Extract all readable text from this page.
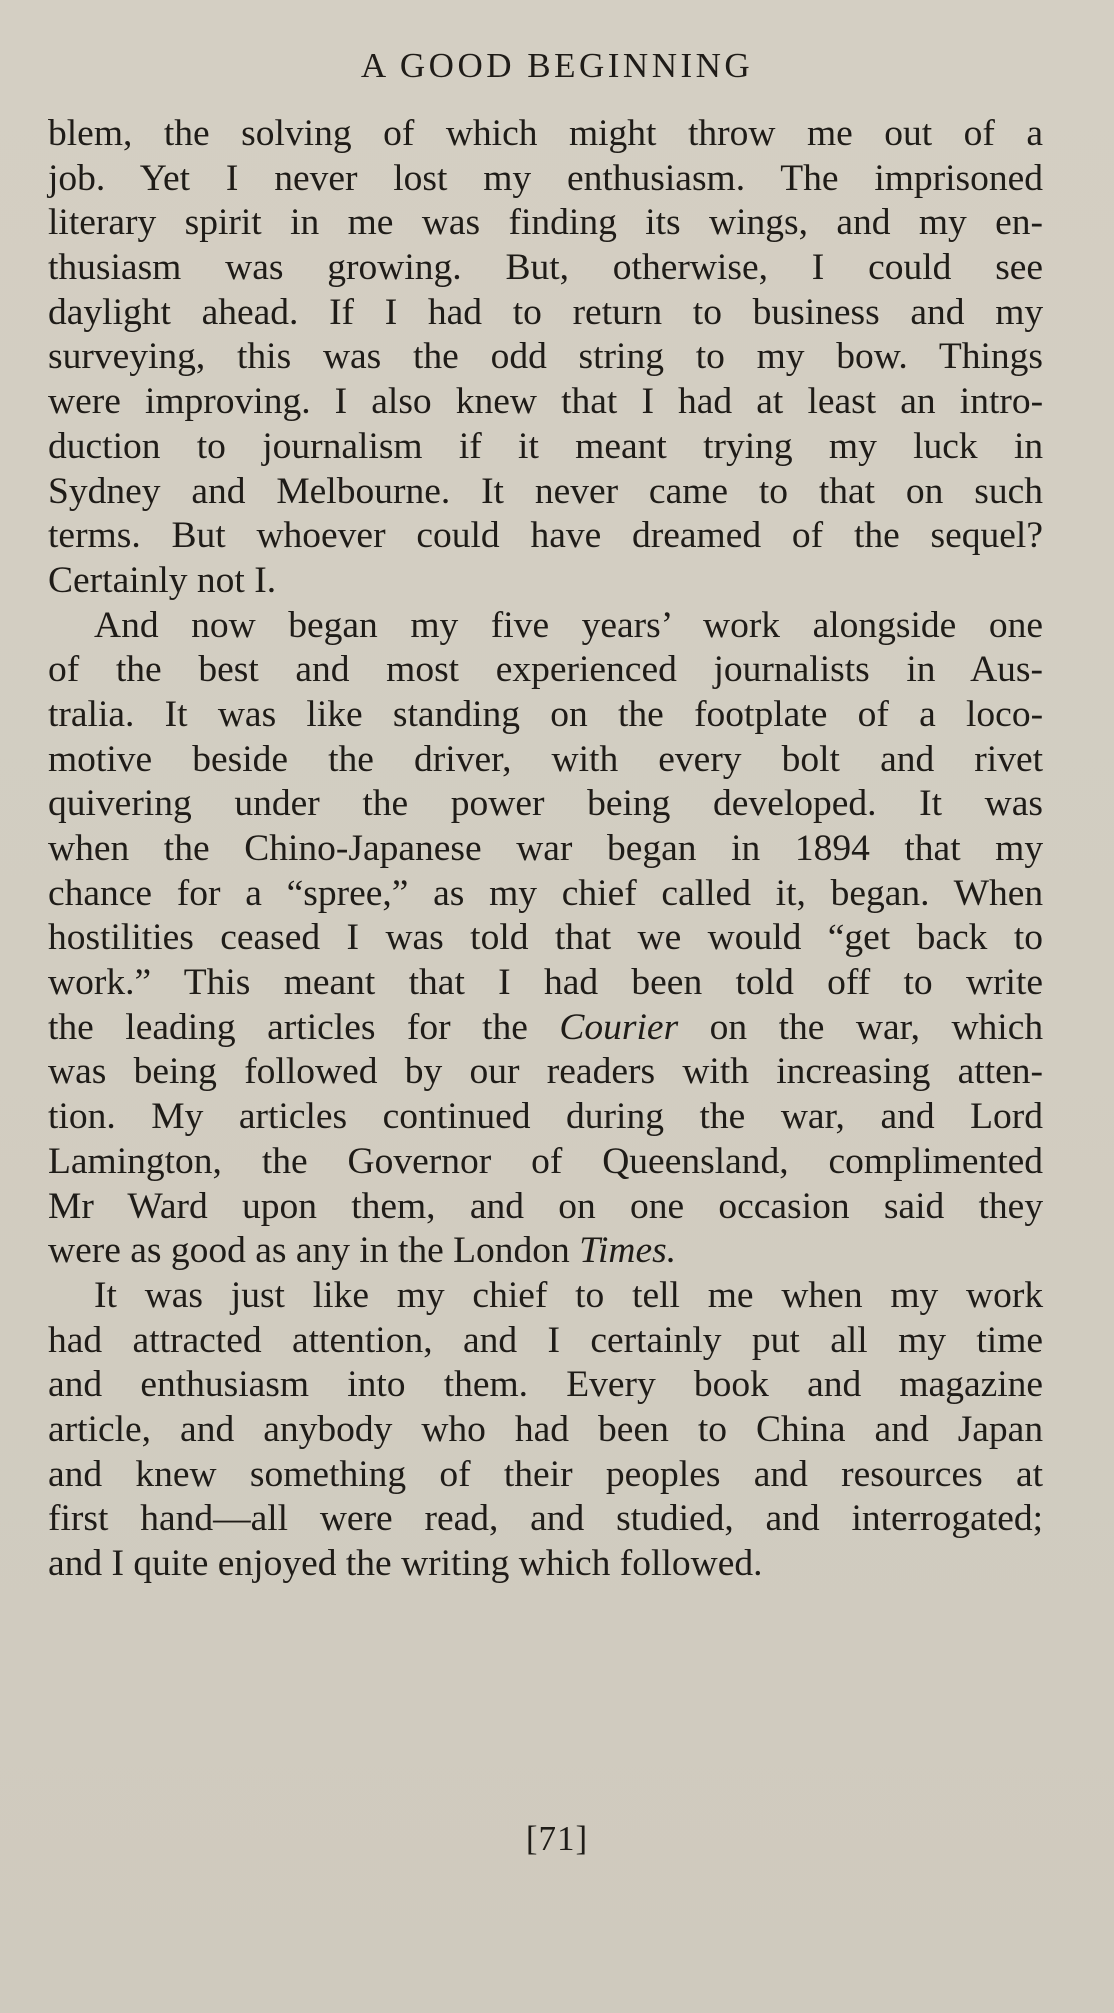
A GOOD BEGINNING
blem, the solving of which might throw me out of a
job. Yet I never lost my enthusiasm. The imprisoned
literary spirit in me was finding its wings, and my en-
thusiasm was growing. But, otherwise, I could see
daylight ahead. If I had to return to business and my
surveying, this was the odd string to my bow. Things
were improving. I also knew that I had at least an intro-
duction to journalism if it meant trying my luck in
Sydney and Melbourne. It never came to that on such
terms. But whoever could have dreamed of the sequel?
Certainly not I.
And now began my five years’ work alongside one
of the best and most experienced journalists in Aus-
tralia. It was like standing on the footplate of a loco-
motive beside the driver, with every bolt and rivet
quivering under the power being developed. It was
when the Chino-Japanese war began in 1894 that my
chance for a “spree,” as my chief called it, began. When
hostilities ceased I was told that we would “get back to
work.” This meant that I had been told off to write
the leading articles for the Courier on the war, which
was being followed by our readers with increasing atten-
tion. My articles continued during the war, and Lord
Lamington, the Governor of Queensland, complimented
Mr Ward upon them, and on one occasion said they
were as good as any in the London Times.
It was just like my chief to tell me when my work
had attracted attention, and I certainly put all my time
and enthusiasm into them. Every book and magazine
article, and anybody who had been to China and Japan
and knew something of their peoples and resources at
first hand—all were read, and studied, and interrogated;
and I quite enjoyed the writing which followed.
[71]
